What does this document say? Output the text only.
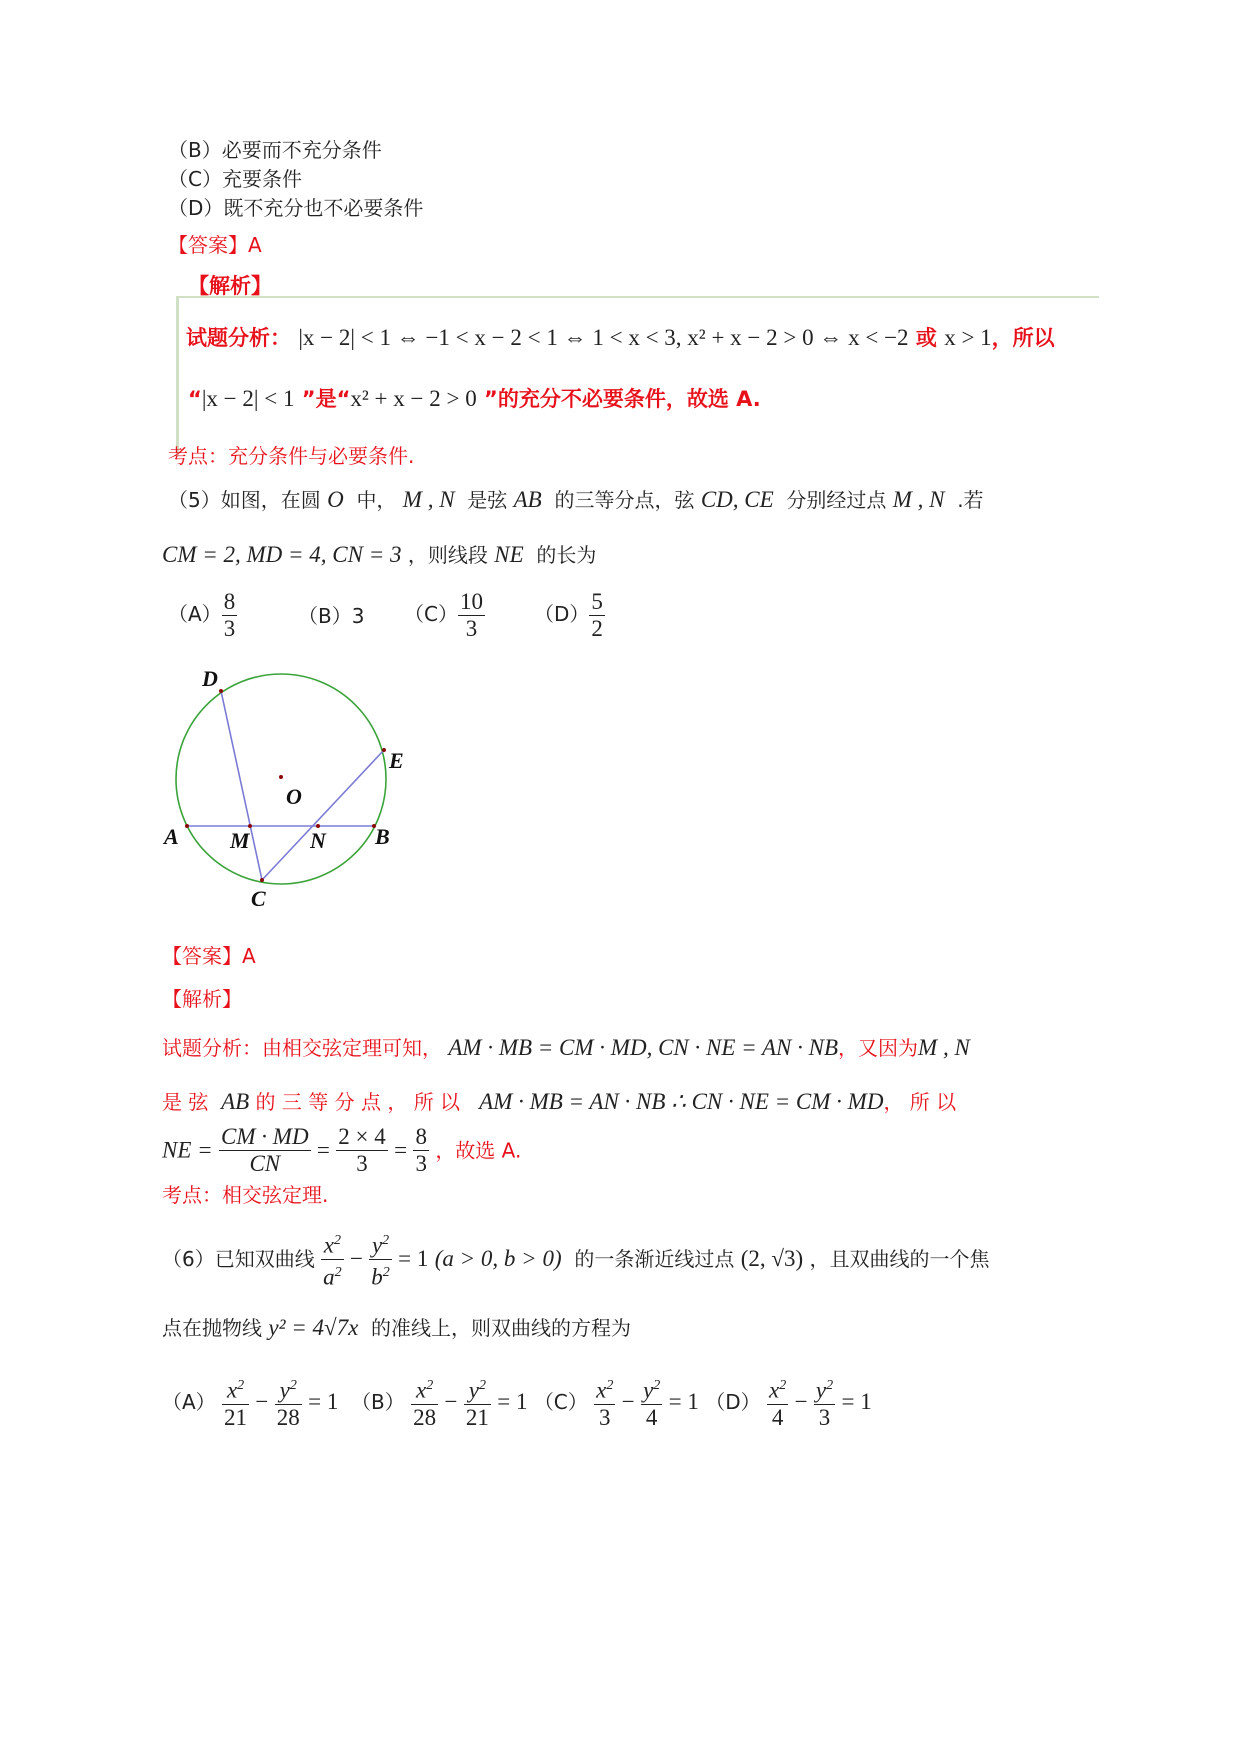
（B）必要而不充分条件
（C）充要条件
（D）既不充分也不必要条件
【答案】A
【解析】
试题分析： |x − 2| < 1 ⇔ −1 < x − 2 < 1 ⇔ 1 < x < 3, x² + x − 2 > 0 ⇔ x < −2 或 x > 1，所以
“|x − 2| < 1 ”是“x² + x − 2 > 0 ”的充分不必要条件，故选 A.
考点：充分条件与必要条件.
（5）如图，在圆 O 中， M , N 是弦 AB 的三等分点，弦 CD, CE 分别经过点 M , N .若
CM = 2, MD = 4, CN = 3 ，则线段 NE 的长为
$(A) \frac{8}{3}$	（B）3 $(C) \frac{10}{3} (D) \frac{5}{2}$
D
E
O
A M	N B
C
【答案】A
【解析】
试题分析：由相交弦定理可知， AM · MB = CM · MD, CN · NE = AN · NB，又因为M , N
是 弦 AB 的 三 等 分 点 ， 所 以 AM · MB = AN · NB ∴ CN · NE = CM · MD， 所 以
NE = $\frac{CM \cdot MD}{CN} = \frac{2 \times 4}{3} = \frac{8}{3}$ ，故选 A.
考点：相交弦定理.
（6）已知双曲线 $\frac{x^2}{a^2} - \frac{y^2}{b^2} = 1$ (a > 0, b > 0) 的一条渐近线过点 (2, √3) ，且双曲线的一个焦
点在抛物线 y² = 4√7x 的准线上，则双曲线的方程为
$(A) \frac{x^2}{21} - \frac{y^2}{28} = 1$ $(B) \frac{x^2}{28} - \frac{y^2}{21} = 1$ $(C) \frac{x^2}{3} - \frac{y^2}{4} = 1$ $(D) \frac{x^2}{4} - \frac{y^2}{3} = 1$
